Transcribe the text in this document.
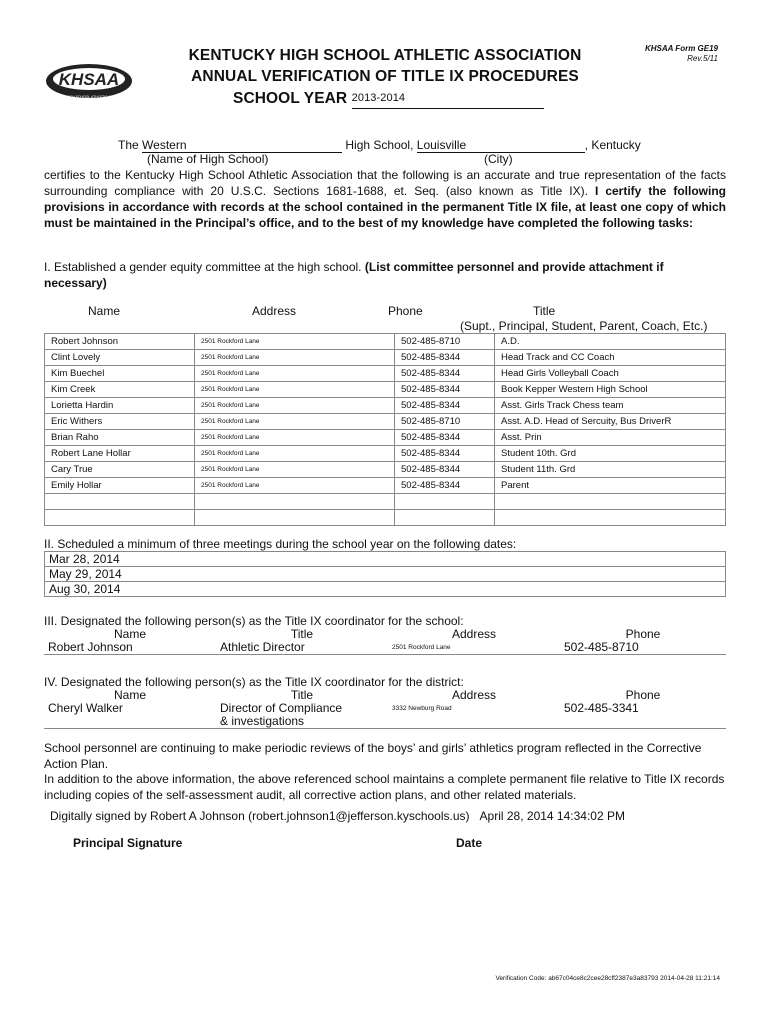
KHSAA
KENTUCKY HIGH SCHOOL ATHLETIC ASSOCIATION
KENTUCKY HIGH SCHOOL ATHLETIC ASSOCIATION
ANNUAL VERIFICATION OF TITLE IX PROCEDURES
SCHOOL YEAR 2013-2014
KHSAA Form GE19
Rev.5/11
The Western	High School, Louisville	, Kentucky
(Name of High School)	(City)
certifies to the Kentucky High School Athletic Association that the following is an accurate and true representation of the facts surrounding compliance with 20 U.S.C. Sections 1681-1688, et. Seq. (also known as Title IX). I certify the following provisions in accordance with records at the school contained in the permanent Title IX file, at least one copy of which must be maintained in the Principal’s office, and to the best of my knowledge have completed the following tasks:
I. Established a gender equity committee at the high school. (List committee personnel and provide attachment if necessary)
Name	Address	Phone	Title
(Supt., Principal, Student, Parent, Coach, Etc.)
Robert Johnson	2501 Rockford Lane	502-485-8710	A.D.
Clint Lovely	2501 Rockford Lane	502-485-8344	Head Track and CC Coach
Kim Buechel	2501 Rockford Lane	502-485-8344	Head Girls Volleyball Coach
Kim Creek	2501 Rockford Lane	502-485-8344	Book Kepper Western High School
Lorietta Hardin	2501 Rockford Lane	502-485-8344	Asst. Girls Track Chess team
Eric Withers	2501 Rockford Lane	502-485-8710	Asst. A.D. Head of Sercuity, Bus DriverR
Brian Raho	2501 Rockford Lane	502-485-8344	Asst. Prin
Robert Lane Hollar	2501 Rockford Lane	502-485-8344	Student 10th. Grd
Cary True	2501 Rockford Lane	502-485-8344	Student 11th. Grd
Emily Hollar	2501 Rockford Lane	502-485-8344	Parent

II. Scheduled a minimum of three meetings during the school year on the following dates:
Mar 28, 2014
May 29, 2014
Aug 30, 2014
III. Designated the following person(s) as the Title IX coordinator for the school:
Name	Title	Address	Phone
Robert Johnson	Athletic Director	2501 Rockford Lane	502-485-8710
IV. Designated the following person(s) as the Title IX coordinator for the district:
Name	Title	Address	Phone
Cheryl Walker	Director of Compliance
& investigations	3332 Newburg Road	502-485-3341
School personnel are continuing to make periodic reviews of the boys’ and girls’ athletics program reflected in the Corrective Action Plan.
In addition to the above information, the above referenced school maintains a complete permanent file relative to Title IX records including copies of the self-assessment audit, all corrective action plans, and other related materials.
Digitally signed by Robert A Johnson (robert.johnson1@jefferson.kyschools.us) April 28, 2014 14:34:02 PM
Principal Signature	Date
Verification Code: ab67c04ce8c2cee28cff2387e3a83793 2014-04-28 11:21:14
